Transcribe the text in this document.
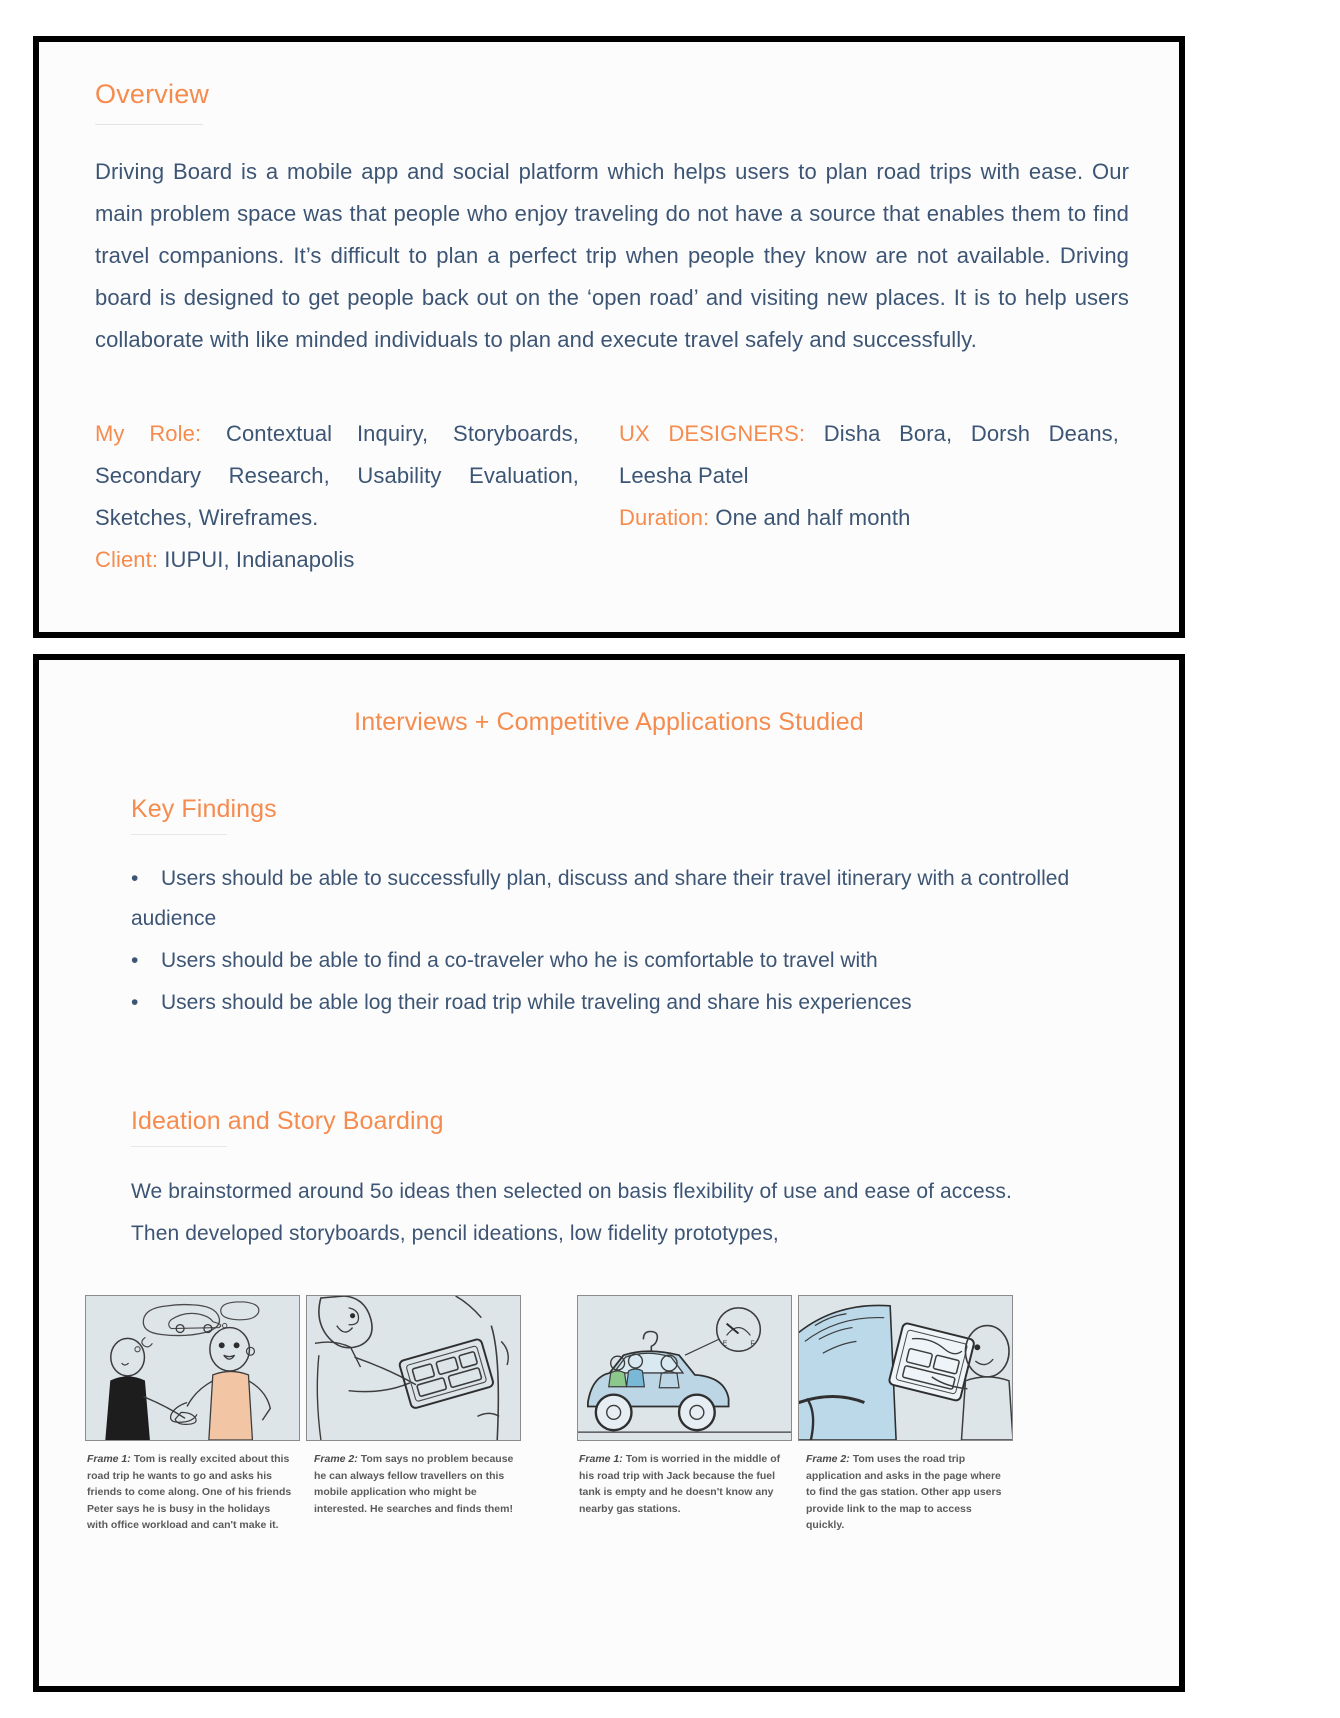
Overview

Driving Board is a mobile app and social platform which helps users to plan road trips with ease. Our main problem space was that people who enjoy traveling do not have a source that enables them to find travel companions. It’s difficult to plan a perfect trip when people they know are not available. Driving board is designed to get people back out on the ‘open road’ and visiting new places. It is to help users collaborate with like minded individuals to plan and execute travel safely and successfully.

My Role: Contextual Inquiry, Storyboards, Secondary Research, Usability Evaluation, Sketches, Wireframes.

Client: IUPUI, Indianapolis

UX DESIGNERS: Disha Bora, Dorsh Deans, Leesha Patel

Duration: One and half month

Interviews + Competitive Applications Studied
Key Findings
• Users should be able to successfully plan, discuss and share their travel itinerary with a controlled audience
• Users should be able to find a co-traveler who he is comfortable to travel with
• Users should be able log their road trip while traveling and share his experiences
Ideation and Story Boarding

We brainstormed around 5o ideas then selected on basis flexibility of use and ease of access.

Then developed storyboards, pencil ideations, low fidelity prototypes,

Frame 1: Tom is really excited about this road trip he wants to go and asks his friends to come along. One of his friends Peter says he is busy in the holidays with office workload and can't make it.

Frame 2: Tom says no problem because he can always fellow travellers on this mobile application who might be interested. He searches and finds them!

E	F

Frame 1: Tom is worried in the middle of his road trip with Jack because the fuel tank is empty and he doesn't know any nearby gas stations.

Frame 2: Tom uses the road trip application and asks in the page where to find the gas station. Other app users provide link to the map to access quickly.
